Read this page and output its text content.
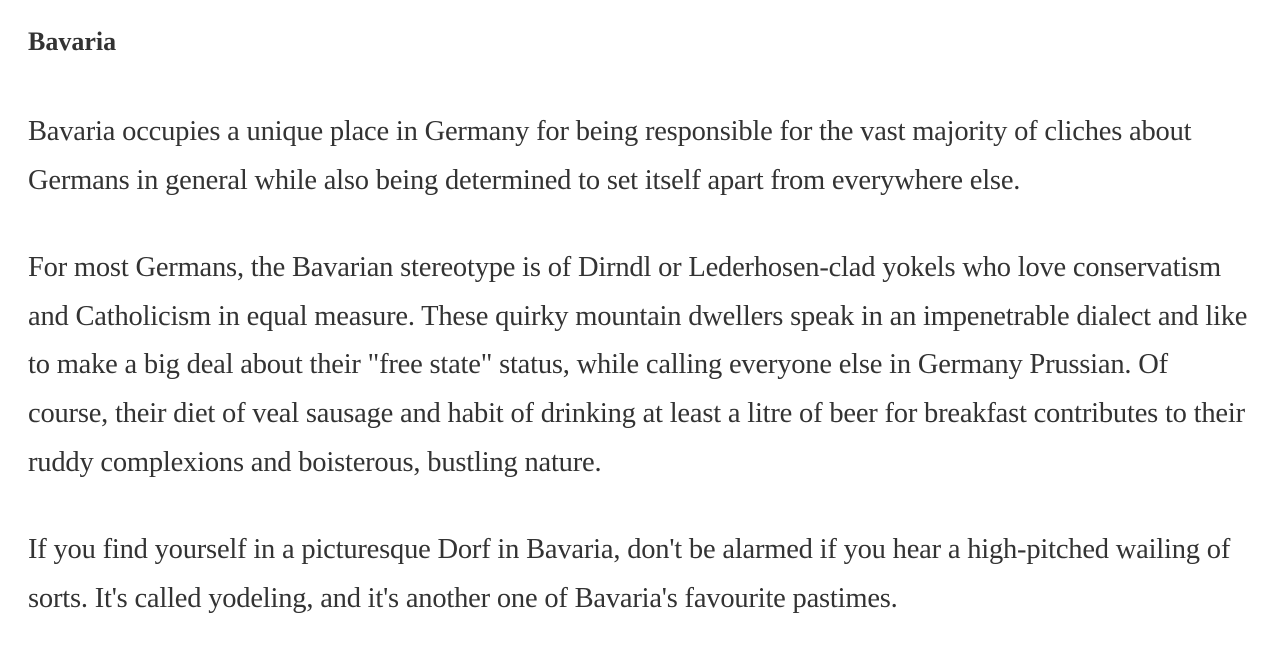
Bavaria

Bavaria occupies a unique place in Germany for being responsible for the vast majority of cliches about Germans in general while also being determined to set itself apart from everywhere else.

For most Germans, the Bavarian stereotype is of Dirndl or Lederhosen-clad yokels who love conservatism and Catholicism in equal measure. These quirky mountain dwellers speak in an impenetrable dialect and like to make a big deal about their "free state" status, while calling everyone else in Germany Prussian. Of course, their diet of veal sausage and habit of drinking at least a litre of beer for breakfast contributes to their ruddy complexions and boisterous, bustling nature.

If you find yourself in a picturesque Dorf in Bavaria, don't be alarmed if you hear a high-pitched wailing of sorts. It's called yodeling, and it's another one of Bavaria's favourite pastimes.
